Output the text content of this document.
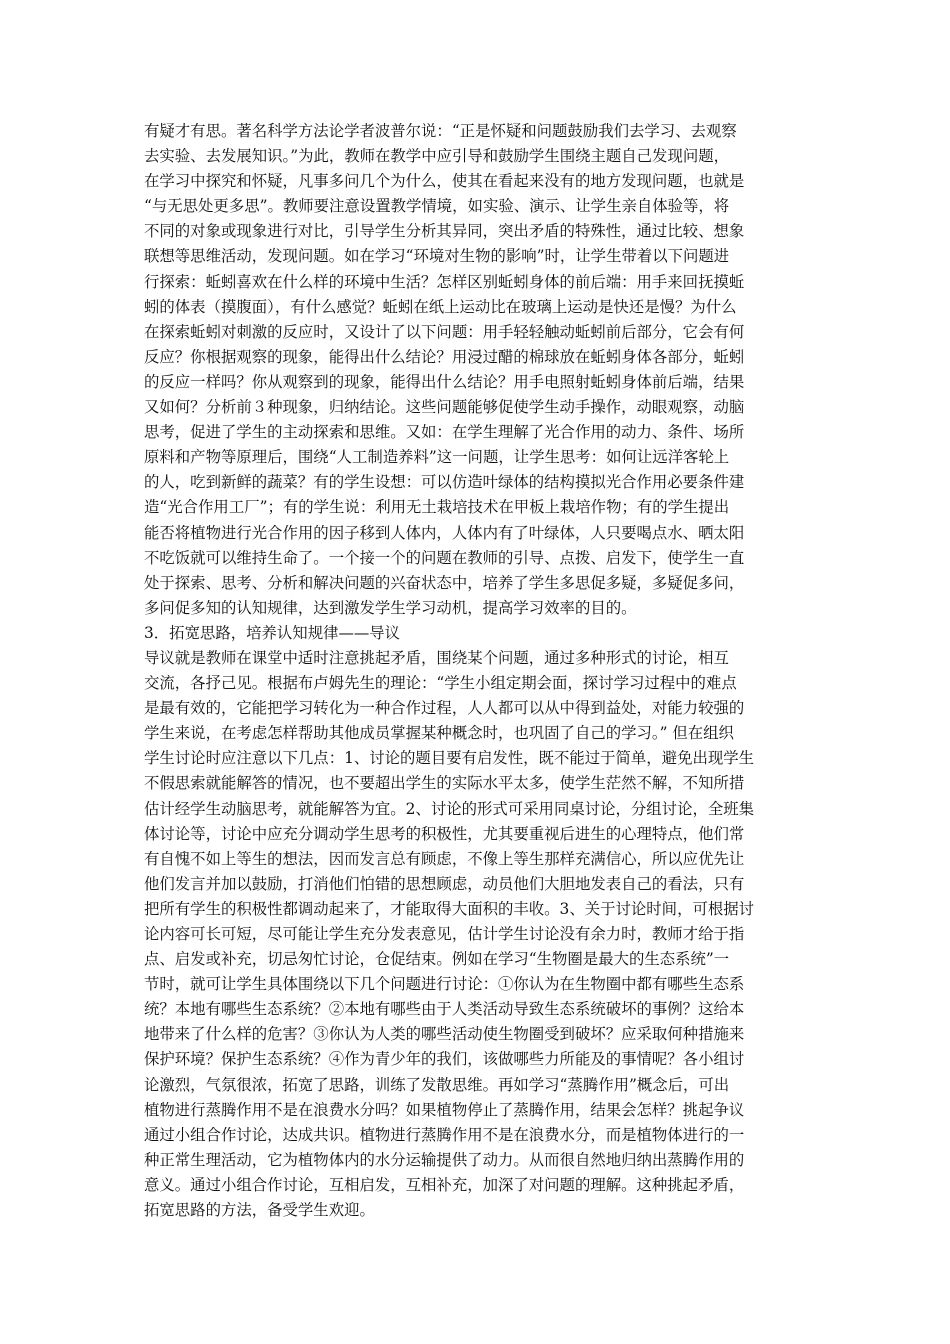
有疑才有思。著名科学方法论学者波普尔说：“正是怀疑和问题鼓励我们去学习、去观察
去实验、去发展知识。”为此，教师在教学中应引导和鼓励学生围绕主题自己发现问题，
在学习中探究和怀疑，凡事多问几个为什么，使其在看起来没有的地方发现问题，也就是
“与无思处更多思”。教师要注意设置教学情境，如实验、演示、让学生亲自体验等，将
不同的对象或现象进行对比，引导学生分析其异同，突出矛盾的特殊性，通过比较、想象
联想等思维活动，发现问题。如在学习“环境对生物的影响”时，让学生带着以下问题进
行探索：蚯蚓喜欢在什么样的环境中生活？怎样区别蚯蚓身体的前后端：用手来回抚摸蚯
蚓的体表（摸腹面），有什么感觉？蚯蚓在纸上运动比在玻璃上运动是快还是慢？为什么
在探索蚯蚓对刺激的反应时，又设计了以下问题：用手轻轻触动蚯蚓前后部分，它会有何
反应？你根据观察的现象，能得出什么结论？用浸过醋的棉球放在蚯蚓身体各部分，蚯蚓
的反应一样吗？你从观察到的现象，能得出什么结论？用手电照射蚯蚓身体前后端，结果
又如何？分析前３种现象，归纳结论。这些问题能够促使学生动手操作，动眼观察，动脑
思考，促进了学生的主动探索和思维。又如：在学生理解了光合作用的动力、条件、场所
原料和产物等原理后，围绕“人工制造养料”这一问题，让学生思考：如何让远洋客轮上
的人，吃到新鲜的蔬菜？有的学生设想：可以仿造叶绿体的结构摸拟光合作用必要条件建
造“光合作用工厂”；有的学生说：利用无土栽培技术在甲板上栽培作物；有的学生提出
能否将植物进行光合作用的因子移到人体内，人体内有了叶绿体，人只要喝点水、晒太阳
不吃饭就可以维持生命了。一个接一个的问题在教师的引导、点拨、启发下，使学生一直
处于探索、思考、分析和解决问题的兴奋状态中，培养了学生多思促多疑，多疑促多问，
多问促多知的认知规律，达到激发学生学习动机，提高学习效率的目的。
3．拓宽思路，培养认知规律——导议
导议就是教师在课堂中适时注意挑起矛盾，围绕某个问题，通过多种形式的讨论，相互
交流，各抒己见。根据布卢姆先生的理论：“学生小组定期会面，探讨学习过程中的难点
是最有效的，它能把学习转化为一种合作过程，人人都可以从中得到益处，对能力较强的
学生来说，在考虑怎样帮助其他成员掌握某种概念时，也巩固了自己的学习。” 但在组织
学生讨论时应注意以下几点：1、讨论的题目要有启发性，既不能过于简单，避免出现学生
不假思索就能解答的情况，也不要超出学生的实际水平太多，使学生茫然不解，不知所措
估计经学生动脑思考，就能解答为宜。2、讨论的形式可采用同桌讨论，分组讨论，全班集
体讨论等，讨论中应充分调动学生思考的积极性，尤其要重视后进生的心理特点，他们常
有自愧不如上等生的想法，因而发言总有顾虑，不像上等生那样充满信心，所以应优先让
他们发言并加以鼓励，打消他们怕错的思想顾虑，动员他们大胆地发表自己的看法，只有
把所有学生的积极性都调动起来了，才能取得大面积的丰收。3、关于讨论时间，可根据讨
论内容可长可短，尽可能让学生充分发表意见，估计学生讨论没有余力时，教师才给于指
点、启发或补充，切忌匆忙讨论，仓促结束。例如在学习“生物圈是最大的生态系统”一
节时，就可让学生具体围绕以下几个问题进行讨论：①你认为在生物圈中都有哪些生态系
统？本地有哪些生态系统？②本地有哪些由于人类活动导致生态系统破坏的事例？这给本
地带来了什么样的危害？③你认为人类的哪些活动使生物圈受到破坏？应采取何种措施来
保护环境？保护生态系统？④作为青少年的我们，该做哪些力所能及的事情呢？各小组讨
论激烈，气氛很浓，拓宽了思路，训练了发散思维。再如学习“蒸腾作用”概念后，可出
植物进行蒸腾作用不是在浪费水分吗？如果植物停止了蒸腾作用，结果会怎样？挑起争议
通过小组合作讨论，达成共识。植物进行蒸腾作用不是在浪费水分，而是植物体进行的一
种正常生理活动，它为植物体内的水分运输提供了动力。从而很自然地归纳出蒸腾作用的
意义。通过小组合作讨论，互相启发，互相补充，加深了对问题的理解。这种挑起矛盾，
拓宽思路的方法，备受学生欢迎。
